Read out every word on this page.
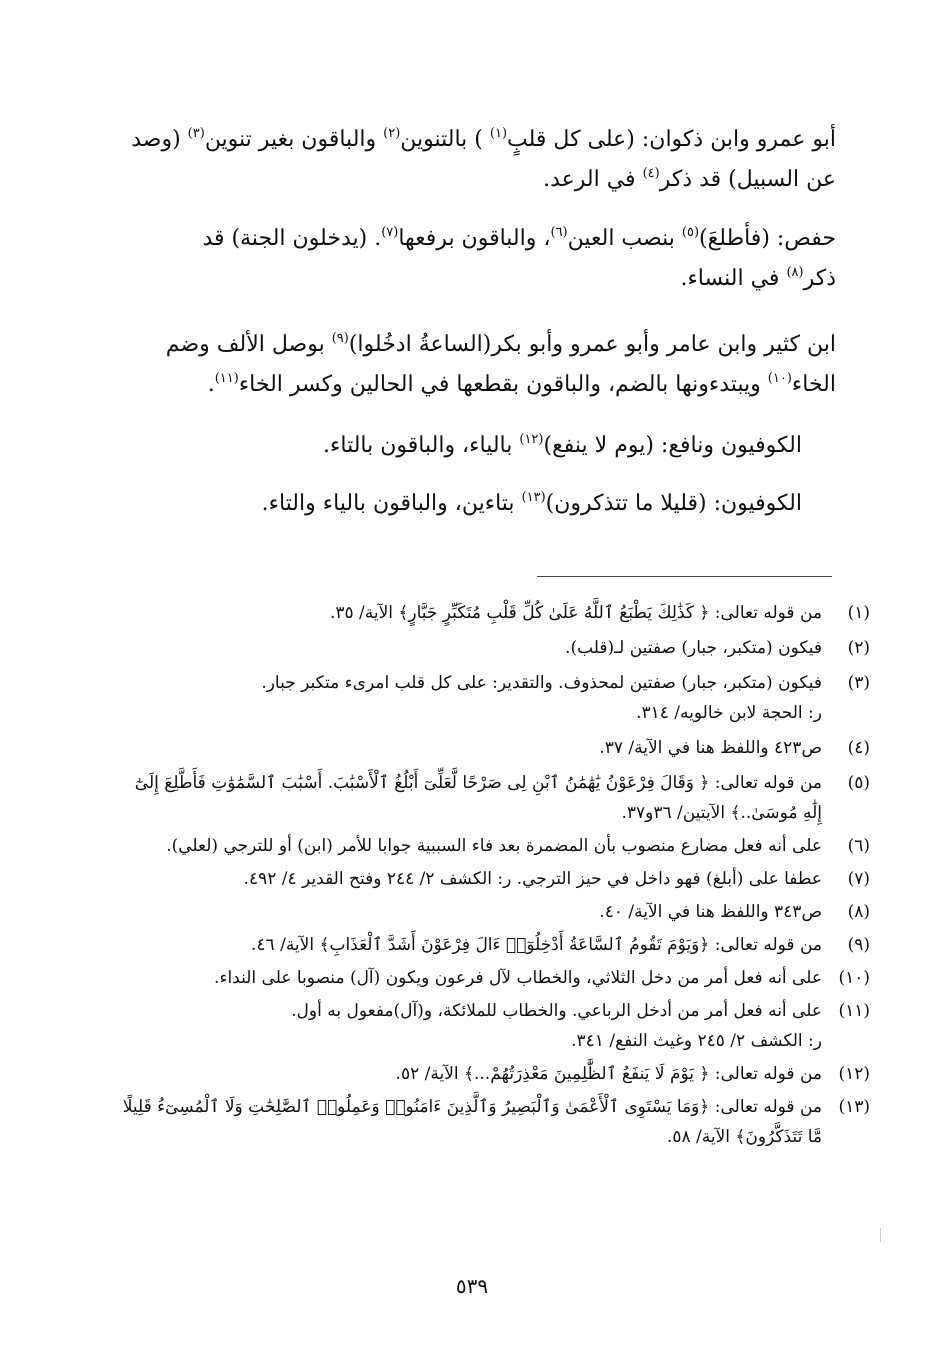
أبو عمرو وابن ذكوان: (على كل قلبٍ$^{(١)}$ ) بالتنوين$^{(٢)}$ والباقون بغير تنوين$^{(٣)}$ (وصد
عن السبيل) قد ذكر$^{(٤)}$ في الرعد.

حفص: (فأطلعَ)$^{(٥)}$ بنصب العين$^{(٦)}$، والباقون برفعها$^{(٧)}$. (يدخلون الجنة) قد
ذكر$^{(٨)}$ في النساء.

ابن كثير وابن عامر وأبو عمرو وأبو بكر(الساعةُ ادخُلوا)$^{(٩)}$ بوصل الألف وضم
الخاء$^{(١٠)}$ ويبتدءونها بالضم، والباقون بقطعها في الحالين وكسر الخاء$^{(١١)}$.

الكوفيون ونافع: (يوم لا ينفع)$^{(١٢)}$ بالياء، والباقون بالتاء.

الكوفيون: (قليلا ما تتذكرون)$^{(١٣)}$ بتاءين، والباقون بالياء والتاء.

(١)
من قوله تعالى: ﴿ كَذَٰلِكَ يَطْبَعُ ٱللَّهُ عَلَىٰ كُلِّ قَلْبِ مُتَكَبِّرٍ جَبَّارٍ﴾ الآية/ ٣٥.
(٢)
فيكون (متكبر، جبار) صفتين لـ(قلب).
(٣)
فيكون (متكبر، جبار) صفتين لمحذوف. والتقدير: على كل قلب امرىء متكبر جبار.
ر: الحجة لابن خالويه/ ٣١٤.
(٤)
ص٤٢٣ واللفظ هنا في الآية/ ٣٧.
(٥)
من قوله تعالى: ﴿ وَقَالَ فِرْعَوْنُ يَٰهَٰمَٰنُ ٱبْنِ لِى صَرْحًا لَّعَلِّىٓ أَبْلُغُ ٱلْأَسْبَٰبَ. أَسْبَٰبَ ٱلسَّمَٰوَٰتِ فَأَطَّلِعَ إِلَىٰٓ
إِلَٰهِ مُوسَىٰ..﴾ الآيتين/ ٣٦و٣٧.
(٦)
على أنه فعل مضارع منصوب بأن المضمرة بعد فاء السببية جوابا للأمر (ابن) أو للترجي (لعلي).
(٧)
عطفا على (أبلغ) فهو داخل في حيز الترجي. ر: الكشف ٢/ ٢٤٤ وفتح القدير ٤/ ٤٩٢.
(٨)
ص٣٤٣ واللفظ هنا في الآية/ ٤٠.
(٩)
من قوله تعالى: ﴿وَيَوْمَ تَقُومُ ٱلسَّاعَةُ أَدْخِلُوٓا۟ ءَالَ فِرْعَوْنَ أَشَدَّ ٱلْعَذَابِ﴾ الآية/ ٤٦.
(١٠)
على أنه فعل أمر من دخل الثلاثي، والخطاب لآل فرعون ويكون (آل) منصوبا على النداء.
(١١)
على أنه فعل أمر من أدخل الرباعي. والخطاب للملائكة، و(آل)مفعول به أول.
ر: الكشف ٢/ ٢٤٥ وغيث النفع/ ٣٤١.
(١٢)
من قوله تعالى: ﴿ يَوْمَ لَا يَنفَعُ ٱلظَّٰلِمِينَ مَعْذِرَتُهُمْ...﴾ الآية/ ٥٢.
(١٣)
من قوله تعالى: ﴿وَمَا يَسْتَوِى ٱلْأَعْمَىٰ وَٱلْبَصِيرُ وَٱلَّذِينَ ءَامَنُوا۟ وَعَمِلُوا۟ ٱلصَّٰلِحَٰتِ وَلَا ٱلْمُسِىٓءُ قَلِيلًا
مَّا تَتَذَكَّرُونَ﴾ الآية/ ٥٨.
٥٣٩
